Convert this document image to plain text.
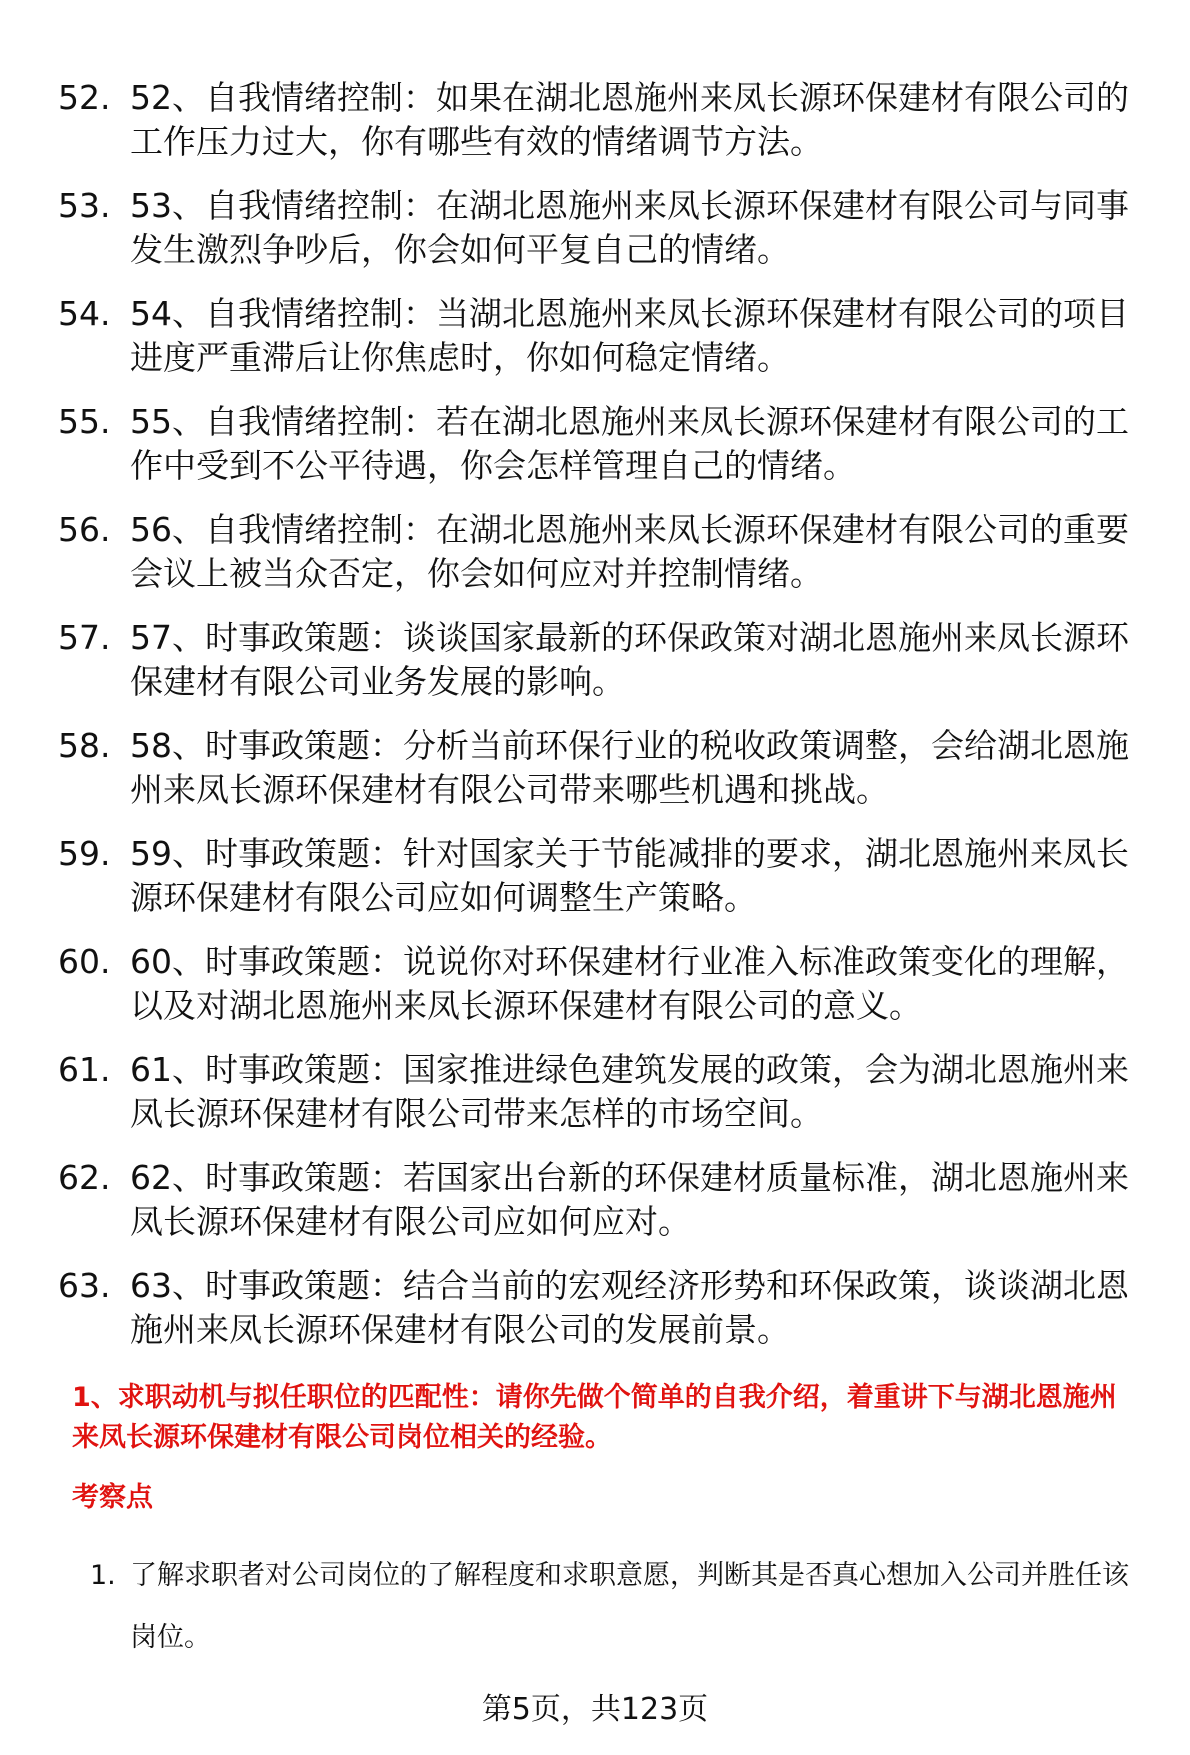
52. 52、自我情绪控制：如果在湖北恩施州来凤长源环保建材有限公司的工作压力过大，你有哪些有效的情绪调节方法。
53. 53、自我情绪控制：在湖北恩施州来凤长源环保建材有限公司与同事发生激烈争吵后，你会如何平复自己的情绪。
54. 54、自我情绪控制：当湖北恩施州来凤长源环保建材有限公司的项目进度严重滞后让你焦虑时，你如何稳定情绪。
55. 55、自我情绪控制：若在湖北恩施州来凤长源环保建材有限公司的工作中受到不公平待遇，你会怎样管理自己的情绪。
56. 56、自我情绪控制：在湖北恩施州来凤长源环保建材有限公司的重要会议上被当众否定，你会如何应对并控制情绪。
57. 57、时事政策题：谈谈国家最新的环保政策对湖北恩施州来凤长源环保建材有限公司业务发展的影响。
58. 58、时事政策题：分析当前环保行业的税收政策调整，会给湖北恩施州来凤长源环保建材有限公司带来哪些机遇和挑战。
59. 59、时事政策题：针对国家关于节能减排的要求，湖北恩施州来凤长源环保建材有限公司应如何调整生产策略。
60. 60、时事政策题：说说你对环保建材行业准入标准政策变化的理解，以及对湖北恩施州来凤长源环保建材有限公司的意义。
61. 61、时事政策题：国家推进绿色建筑发展的政策，会为湖北恩施州来凤长源环保建材有限公司带来怎样的市场空间。
62. 62、时事政策题：若国家出台新的环保建材质量标准，湖北恩施州来凤长源环保建材有限公司应如何应对。
63. 63、时事政策题：结合当前的宏观经济形势和环保政策，谈谈湖北恩施州来凤长源环保建材有限公司的发展前景。

1、求职动机与拟任职位的匹配性：请你先做个简单的自我介绍，着重讲下与湖北恩施州来凤长源环保建材有限公司岗位相关的经验。

考察点

1. 了解求职者对公司岗位的了解程度和求职意愿，判断其是否真心想加入公司并胜任该岗位。
第5页，共123页
